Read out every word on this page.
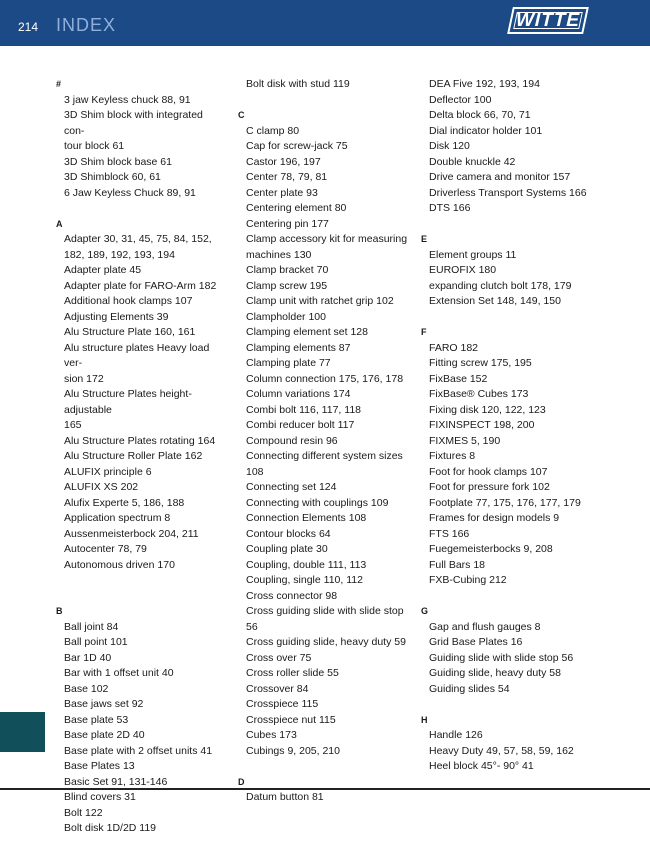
214 INDEX	WITTE
#
3 jaw Keyless chuck 88, 91
3D Shim block with integrated con-
tour block 61
3D Shim block base 61
3D Shimblock 60, 61
6 Jaw Keyless Chuck 89, 91
A
Adapter 30, 31, 45, 75, 84, 152,
182, 189, 192, 193, 194
Adapter plate 45
Adapter plate for FARO-Arm 182
Additional hook clamps 107
Adjusting Elements 39
Alu Structure Plate 160, 161
Alu structure plates Heavy load ver-
sion 172
Alu Structure Plates height-adjustable
165
Alu Structure Plates rotating 164
Alu Structure Roller Plate 162
ALUFIX principle 6
ALUFIX XS 202
Alufix Experte 5, 186, 188
Application spectrum 8
Aussenmeisterbock 204, 211
Autocenter 78, 79
Autonomous driven 170

B
Ball joint 84
Ball point 101
Bar 1D 40
Bar with 1 offset unit 40
Base 102
Base jaws set 92
Base plate 53
Base plate 2D 40
Base plate with 2 offset units 41
Base Plates 13
Basic Set 91, 131-146
Blind covers 31
Bolt 122
Bolt disk 1D/2D 119
Bolt disk with stud 119
C
C clamp 80
Cap for screw-jack 75
Castor 196, 197
Center 78, 79, 81
Center plate 93
Centering element 80
Centering pin 177
Clamp accessory kit for measuring
machines 130
Clamp bracket 70
Clamp screw 195
Clamp unit with ratchet grip 102
Clampholder 100
Clamping element set 128
Clamping elements 87
Clamping plate 77
Column connection 175, 176, 178
Column variations 174
Combi bolt 116, 117, 118
Combi reducer bolt 117
Compound resin 96
Connecting different system sizes 108
Connecting set 124
Connecting with couplings 109
Connection Elements 108
Contour blocks 64
Coupling plate 30
Coupling, double 111, 113
Coupling, single 110, 112
Cross connector 98
Cross guiding slide with slide stop 56
Cross guiding slide, heavy duty 59
Cross over 75
Cross roller slide 55
Crossover 84
Crosspiece 115
Crosspiece nut 115
Cubes 173
Cubings 9, 205, 210
D
Datum button 81
DEA Five 192, 193, 194
Deflector 100
Delta block 66, 70, 71
Dial indicator holder 101
Disk 120
Double knuckle 42
Drive camera and monitor 157
Driverless Transport Systems 166
DTS 166
E
Element groups 11
EUROFIX 180
expanding clutch bolt 178, 179
Extension Set 148, 149, 150
F
FARO 182
Fitting screw 175, 195
FixBase 152
FixBase® Cubes 173
Fixing disk 120, 122, 123
FIXINSPECT 198, 200
FIXMES 5, 190
Fixtures 8
Foot for hook clamps 107
Foot for pressure fork 102
Footplate 77, 175, 176, 177, 179
Frames for design models 9
FTS 166
Fuegemeisterbocks 9, 208
Full Bars 18
FXB-Cubing 212
G
Gap and flush gauges 8
Grid Base Plates 16
Guiding slide with slide stop 56
Guiding slide, heavy duty 58
Guiding slides 54
H
Handle 126
Heavy Duty 49, 57, 58, 59, 162
Heel block 45°- 90° 41
